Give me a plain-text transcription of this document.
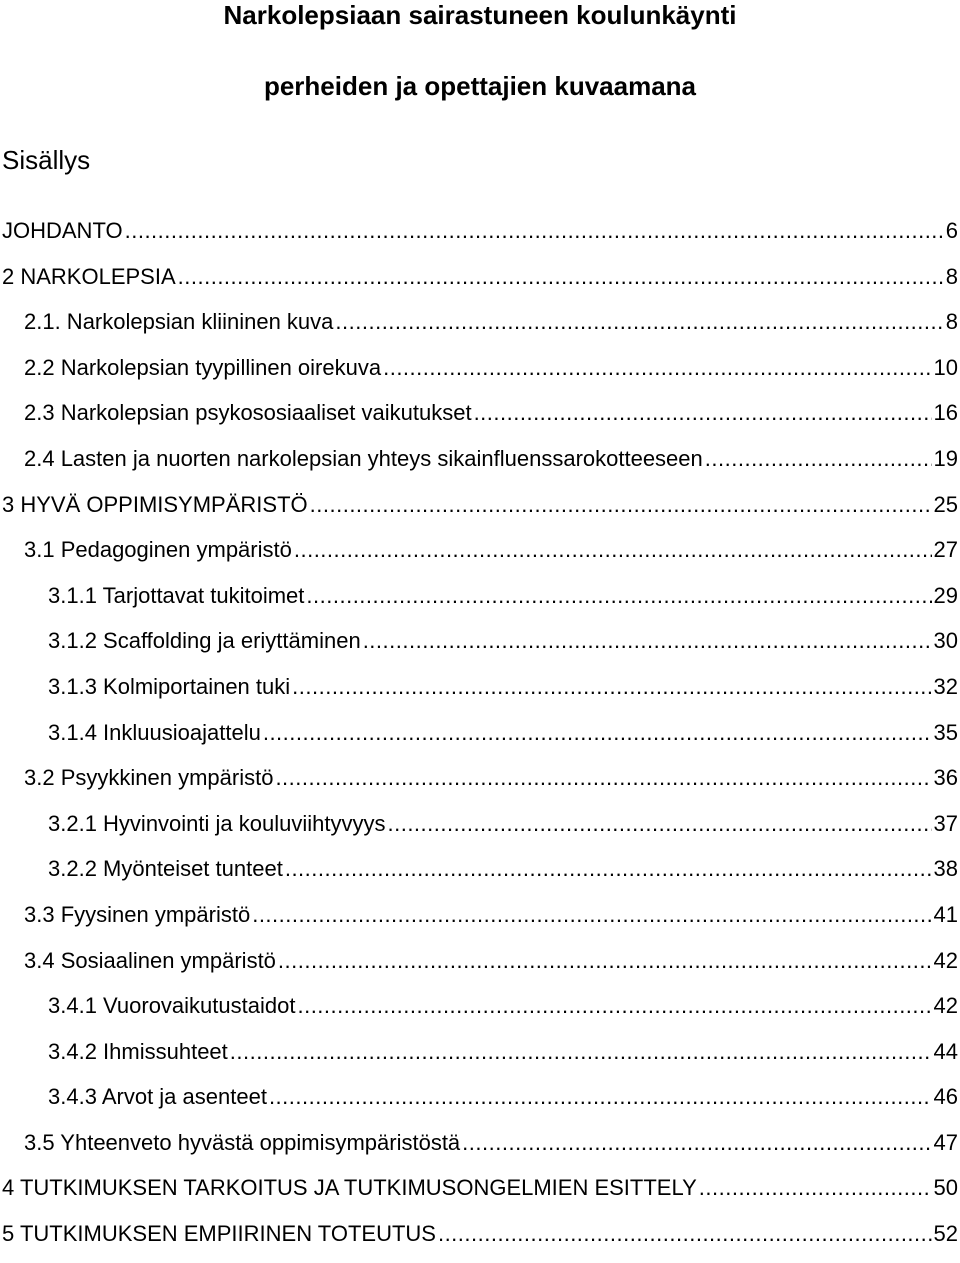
Narkolepsiaan sairastuneen koulunkäynti
perheiden ja opettajien kuvaamana
Sisällys
JOHDANTO .....	6
2 NARKOLEPSIA .....	8
2.1. Narkolepsian kliininen kuva .....	8
2.2 Narkolepsian tyypillinen oirekuva .....	10
2.3 Narkolepsian psykososiaaliset vaikutukset .....	16
2.4 Lasten ja nuorten narkolepsian yhteys sikainfluenssarokotteeseen .....	19
3 HYVÄ OPPIMISYMPÄRISTÖ .....	25
3.1 Pedagoginen ympäristö .....	27
3.1.1 Tarjottavat tukitoimet .....	29
3.1.2 Scaffolding ja eriyttäminen .....	30
3.1.3 Kolmiportainen tuki .....	32
3.1.4 Inkluusioajattelu .....	35
3.2 Psyykkinen ympäristö .....	36
3.2.1 Hyvinvointi ja kouluviihtyvyys .....	37
3.2.2 Myönteiset tunteet .....	38
3.3 Fyysinen ympäristö .....	41
3.4 Sosiaalinen ympäristö .....	42
3.4.1 Vuorovaikutustaidot .....	42
3.4.2 Ihmissuhteet .....	44
3.4.3 Arvot ja asenteet .....	46
3.5 Yhteenveto hyvästä oppimisympäristöstä .....	47
4 TUTKIMUKSEN TARKOITUS JA TUTKIMUSONGELMIEN ESITTELY .....	50
5 TUTKIMUKSEN EMPIIRINEN TOTEUTUS .....	52
